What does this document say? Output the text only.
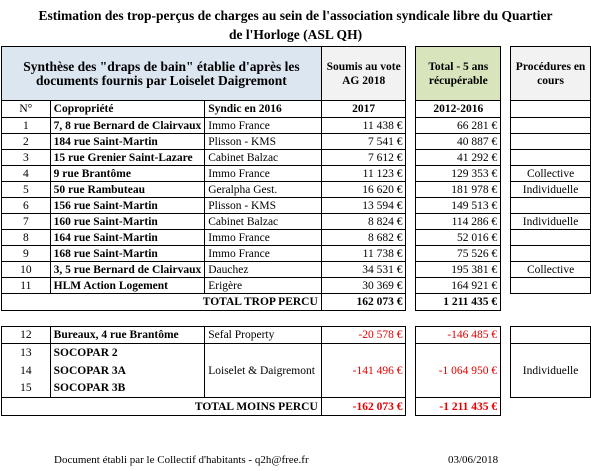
Estimation des trop-perçus de charges au sein de l'association syndicale libre du Quartier
de l'Horloge (ASL QH)
Synthèse des "draps de bain" établie d'après les documents fournis par Loiselet Daigremont			Soumis au vote AG 2018		Total - 5 ans récupérable		Procédures en cours
N°	Copropriété	Syndic en 2016	2017		2012-2016		
1	7, 8 rue Bernard de Clairvaux	Immo France	11 438 €		66 281 €		
2	184 rue Saint-Martin	Plisson - KMS	7 541 €		40 887 €		
3	15 rue Grenier Saint-Lazare	Cabinet Balzac	7 612 €		41 292 €		
4	9 rue Brantôme	Immo France	11 123 €		129 353 €		Collective
5	50 rue Rambuteau	Geralpha Gest.	16 620 €		181 978 €		Individuelle
6	156 rue Saint-Martin	Plisson - KMS	13 594 €		149 513 €		
7	160 rue Saint-Martin	Cabinet Balzac	8 824 €		114 286 €		Individuelle
8	164 rue Saint-Martin	Immo France	8 682 €		52 016 €		
9	168 rue Saint-Martin	Immo France	11 738 €		75 526 €		
10	3, 5 rue Bernard de Clairvaux	Dauchez	34 531 €		195 381 €		Collective
11	HLM Action Logement	Erigère	30 369 €		164 921 €		
TOTAL TROP PERCU			162 073 €		1 211 435 €		

12	Bureaux, 4 rue Brantôme	Sefal Property	-20 578 €		-146 485 €		
13	SOCOPAR 2	Loiselet & Daigremont	-141 496 €		-1 064 950 €		Individuelle
14	SOCOPAR 3A						
15	SOCOPAR 3B						
TOTAL MOINS PERCU			-162 073 €		-1 211 435 €		
Document établi par le Collectif d'habitants - q2h@free.fr	03/06/2018
